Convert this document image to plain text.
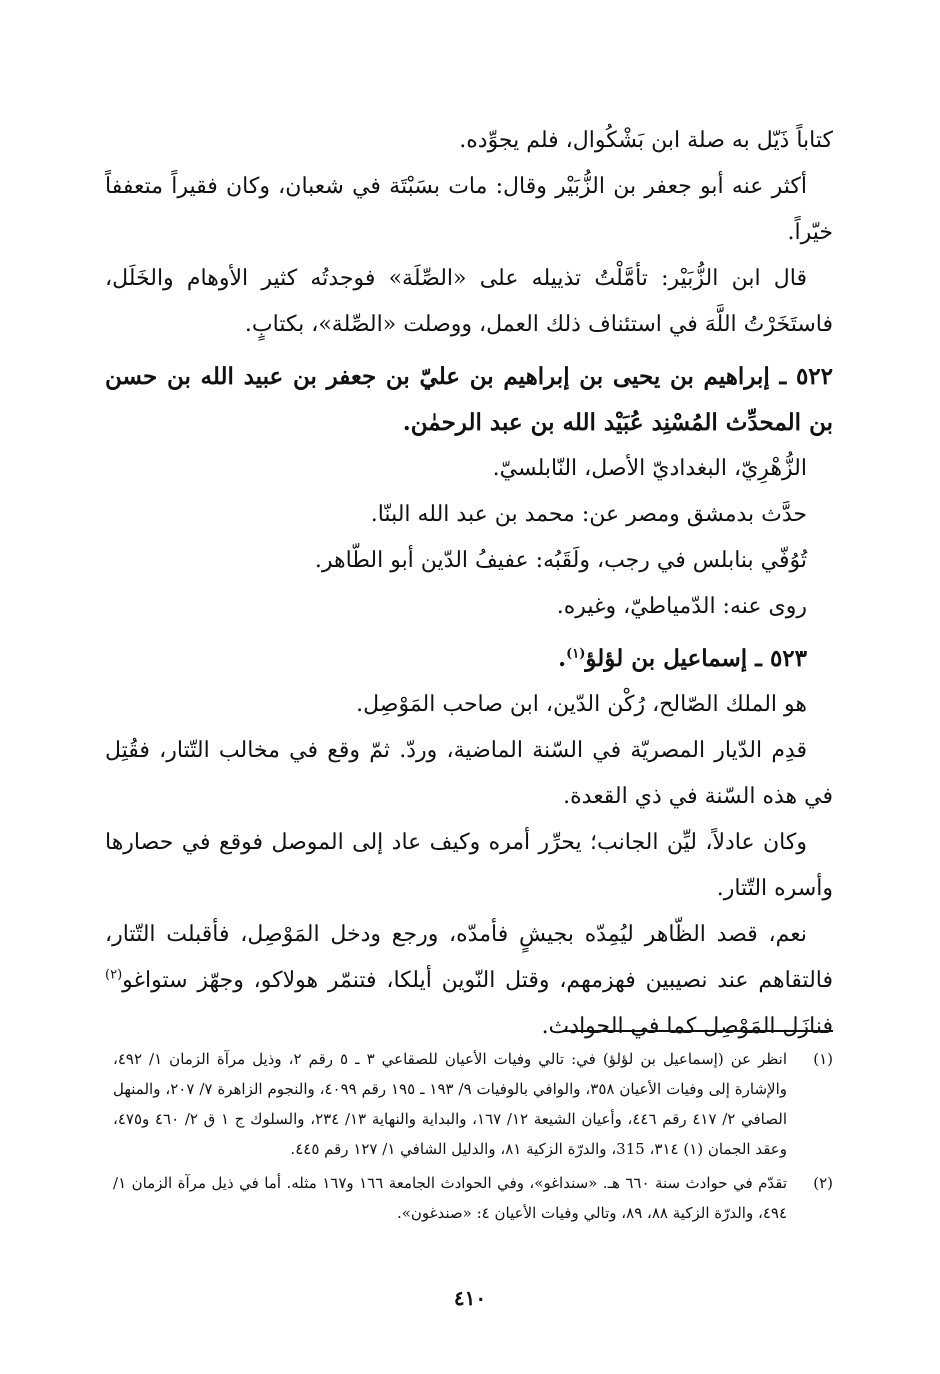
كتاباً ذَيّل به صلة ابن بَشْكُوال، فلم يجوِّده.

أكثر عنه أبو جعفر بن الزُّبَيْر وقال: مات بسَبْتَة في شعبان، وكان فقيراً متعففاً خيّراً.

قال ابن الزُّبَيْر: تأمَّلْتُ تذييله على «الصِّلَة» فوجدتُه كثير الأوهام والخَلَل، فاستَخَرْتُ اللَّهَ في استئناف ذلك العمل، ووصلت «الصِّلة»، بكتابٍ.

٥٢٢ ـ إبراهيم بن يحيى بن إبراهيم بن عليّ بن جعفر بن عبيد الله بن حسن بن المحدِّث المُسْنِد عُبَيْد الله بن عبد الرحمٰن.

الزُّهْرِيّ، البغداديّ الأصل، النّابلسيّ.

حدَّث بدمشق ومصر عن: محمد بن عبد الله البنّا.

تُوُفّي بنابلس في رجب، ولَقَبُه: عفيفُ الدّين أبو الطّاهر.

روى عنه: الدّمياطيّ، وغيره.

٥٢٣ ـ إسماعيل بن لؤلؤ$^{(١)}$.

هو الملك الصّالح، رُكْن الدّين، ابن صاحب المَوْصِل.

قدِم الدّيار المصريّة في السّنة الماضية، وردّ. ثمّ وقع في مخالب التّتار، فقُتِل في هذه السّنة في ذي القعدة.

وكان عادلاً، ليِّن الجانب؛ يحرِّر أمره وكيف عاد إلى الموصل فوقع في حصارها وأسره التّتار.

نعم، قصد الظّاهر ليُمِدّه بجيشٍ فأمدّه، ورجع ودخل المَوْصِل، فأقبلت التّتار، فالتقاهم عند نصيبين فهزمهم، وقتل النّوين أيلكا، فتنمّر هولاكو، وجهّز ستواغو$^{(٢)}$ فنازَل المَوْصِل كما في الحوادث.

(١)
انظر عن (إسماعيل بن لؤلؤ) في: تالي وفيات الأعيان للصقاعي ٣ ـ ٥ رقم ٢، وذيل مرآة الزمان ١/ ٤٩٢، والإشارة إلى وفيات الأعيان ٣٥٨، والوافي بالوفيات ٩/ ١٩٣ ـ ١٩٥ رقم ٤٠٩٩، والنجوم الزاهرة ٧/ ٢٠٧، والمنهل الصافي ٢/ ٤١٧ رقم ٤٤٦، وأعيان الشيعة ١٢/ ١٦٧، والبداية والنهاية ١٣/ ٢٣٤، والسلوك ج ١ ق ٢/ ٤٦٠ و٤٧٥، وعقد الجمان (١) ٣١٤، 315، والدرّة الزكية ٨١، والدليل الشافي ١/ ١٢٧ رقم ٤٤٥.
(٢)
تقدّم في حوادث سنة ٦٦٠ هـ. «سنداغو»، وفي الحوادث الجامعة ١٦٦ و١٦٧ مثله. أما في ذيل مرآة الزمان ١/ ٤٩٤، والدرّة الزكية ٨٨، ٨٩، وتالي وفيات الأعيان ٤: «صندغون».
٤١٠
